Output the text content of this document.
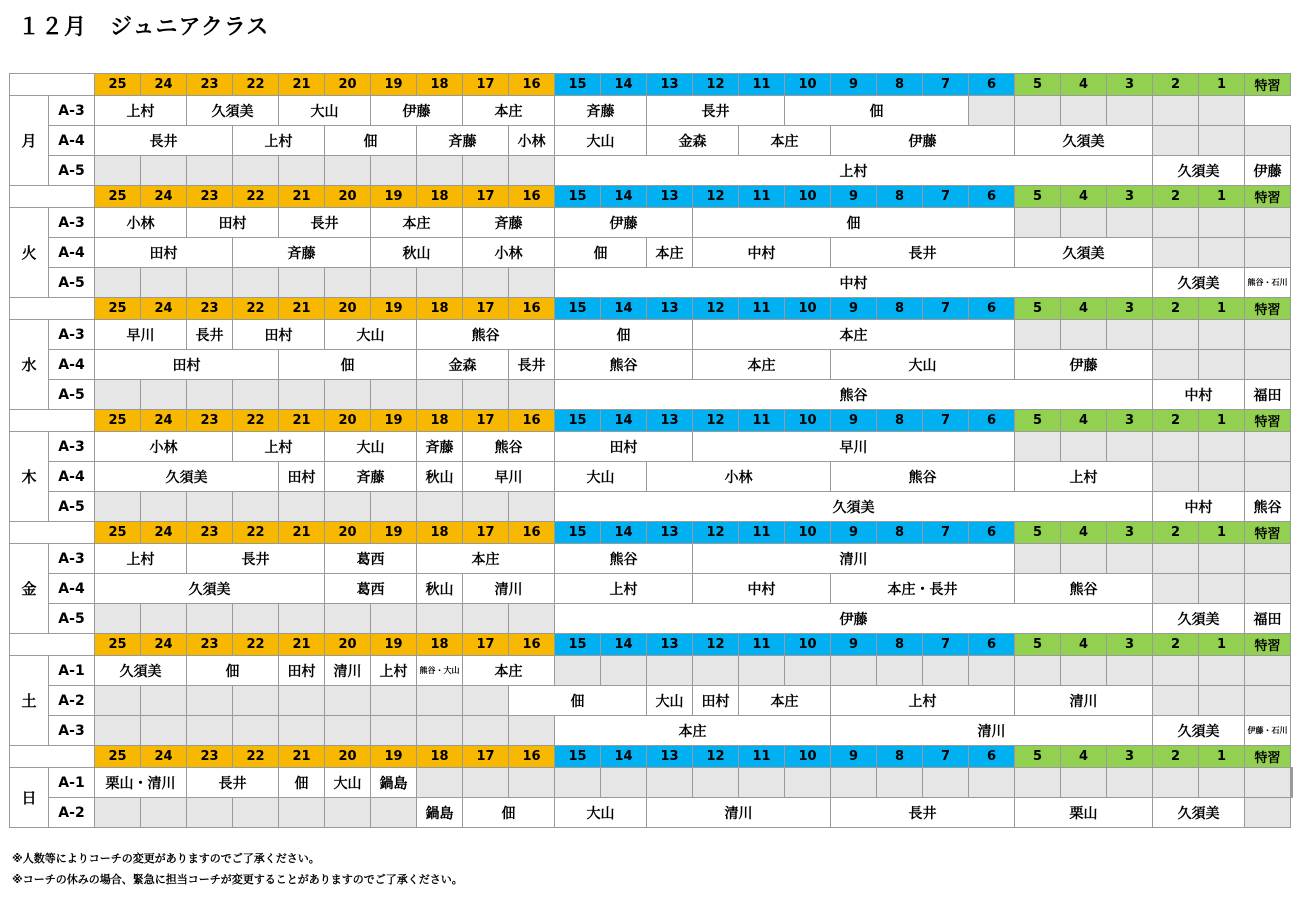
１２月　ジュニアクラス
		25	24	23	22	21	20	19	18	17	16	15	14	13	12	11	10	9	8	7	6	5	4	3	2	1	特習	
月	A-3	上村		久須美		大山		伊藤		本庄		斉藤		長井			佃											
	A-4	長井			上村		佃		斉藤		小林	大山		金森		本庄		伊藤				久須美						
	A-5											上村													久須美		伊藤	
		25	24	23	22	21	20	19	18	17	16	15	14	13	12	11	10	9	8	7	6	5	4	3	2	1	特習	
火	A-3	小林		田村		長井		本庄		斉藤		伊藤			佃													
	A-4	田村			斉藤			秋山		小林		佃		本庄	中村			長井				久須美						
	A-5											中村													久須美		熊谷・石川	
		25	24	23	22	21	20	19	18	17	16	15	14	13	12	11	10	9	8	7	6	5	4	3	2	1	特習	
水	A-3	早川		長井	田村		大山		熊谷			佃			本庄													
	A-4	田村				佃			金森		長井	熊谷			本庄			大山				伊藤						
	A-5											熊谷													中村		福田	
		25	24	23	22	21	20	19	18	17	16	15	14	13	12	11	10	9	8	7	6	5	4	3	2	1	特習	
木	A-3	小林			上村		大山		斉藤	熊谷		田村			早川													
	A-4	久須美				田村	斉藤		秋山	早川		大山		小林				熊谷				上村						
	A-5											久須美													中村		熊谷	
		25	24	23	22	21	20	19	18	17	16	15	14	13	12	11	10	9	8	7	6	5	4	3	2	1	特習	
金	A-3	上村		長井			葛西		本庄			熊谷			清川													
	A-4	久須美					葛西		秋山	清川		上村			中村			本庄・長井				熊谷						
	A-5											伊藤													久須美		福田	
		25	24	23	22	21	20	19	18	17	16	15	14	13	12	11	10	9	8	7	6	5	4	3	2	1	特習	
土	A-1	久須美		佃		田村	清川	上村	熊谷・大山	本庄																		
	A-2										佃			大山	田村	本庄		上村				清川						
	A-3											本庄						清川							久須美		伊藤・石川	
		25	24	23	22	21	20	19	18	17	16	15	14	13	12	11	10	9	8	7	6	5	4	3	2	1	特習	
日	A-1	栗山・清川		長井		佃	大山	鍋島																					
	A-2								鍋島	佃		大山		清川				長井				栗山			久須美			
※人数等によりコーチの変更がありますのでご了承ください。
※コーチの休みの場合、緊急に担当コーチが変更することがありますのでご了承ください。
